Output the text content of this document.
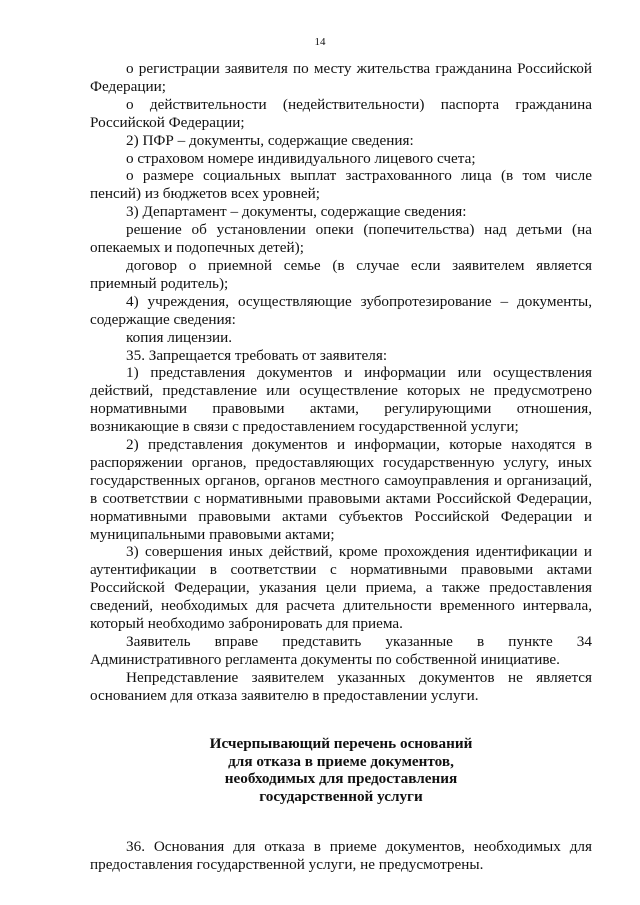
14

о регистрации заявителя по месту жительства гражданина Российской Федерации;

о действительности (недействительности) паспорта гражданина Российской Федерации;

2) ПФР – документы, содержащие сведения:

о страховом номере индивидуального лицевого счета;

о размере социальных выплат застрахованного лица (в том числе пенсий) из бюджетов всех уровней;

3) Департамент – документы, содержащие сведения:

решение об установлении опеки (попечительства) над детьми (на опекаемых и подопечных детей);

договор о приемной семье (в случае если заявителем является приемный родитель);

4) учреждения, осуществляющие зубопротезирование – документы, содержащие сведения:

копия лицензии.

35. Запрещается требовать от заявителя:

1) представления документов и информации или осуществления действий, представление или осуществление которых не предусмотрено нормативными правовыми актами, регулирующими отношения, возникающие в связи с предоставлением государственной услуги;

2) представления документов и информации, которые находятся в распоряжении органов, предоставляющих государственную услугу, иных государственных органов, органов местного самоуправления и организаций, в соответствии с нормативными правовыми актами Российской Федерации, нормативными правовыми актами субъектов Российской Федерации и муниципальными правовыми актами;

3) совершения иных действий, кроме прохождения идентификации и аутентификации в соответствии с нормативными правовыми актами Российской Федерации, указания цели приема, а также предоставления сведений, необходимых для расчета длительности временного интервала, который необходимо забронировать для приема.

Заявитель вправе представить указанные в пункте 34 Административного регламента документы по собственной инициативе.

Непредставление заявителем указанных документов не является основанием для отказа заявителю в предоставлении услуги.

Исчерпывающий перечень оснований
для отказа в приеме документов,
необходимых для предоставления
государственной услуги

36. Основания для отказа в приеме документов, необходимых для предоставления государственной услуги, не предусмотрены.
